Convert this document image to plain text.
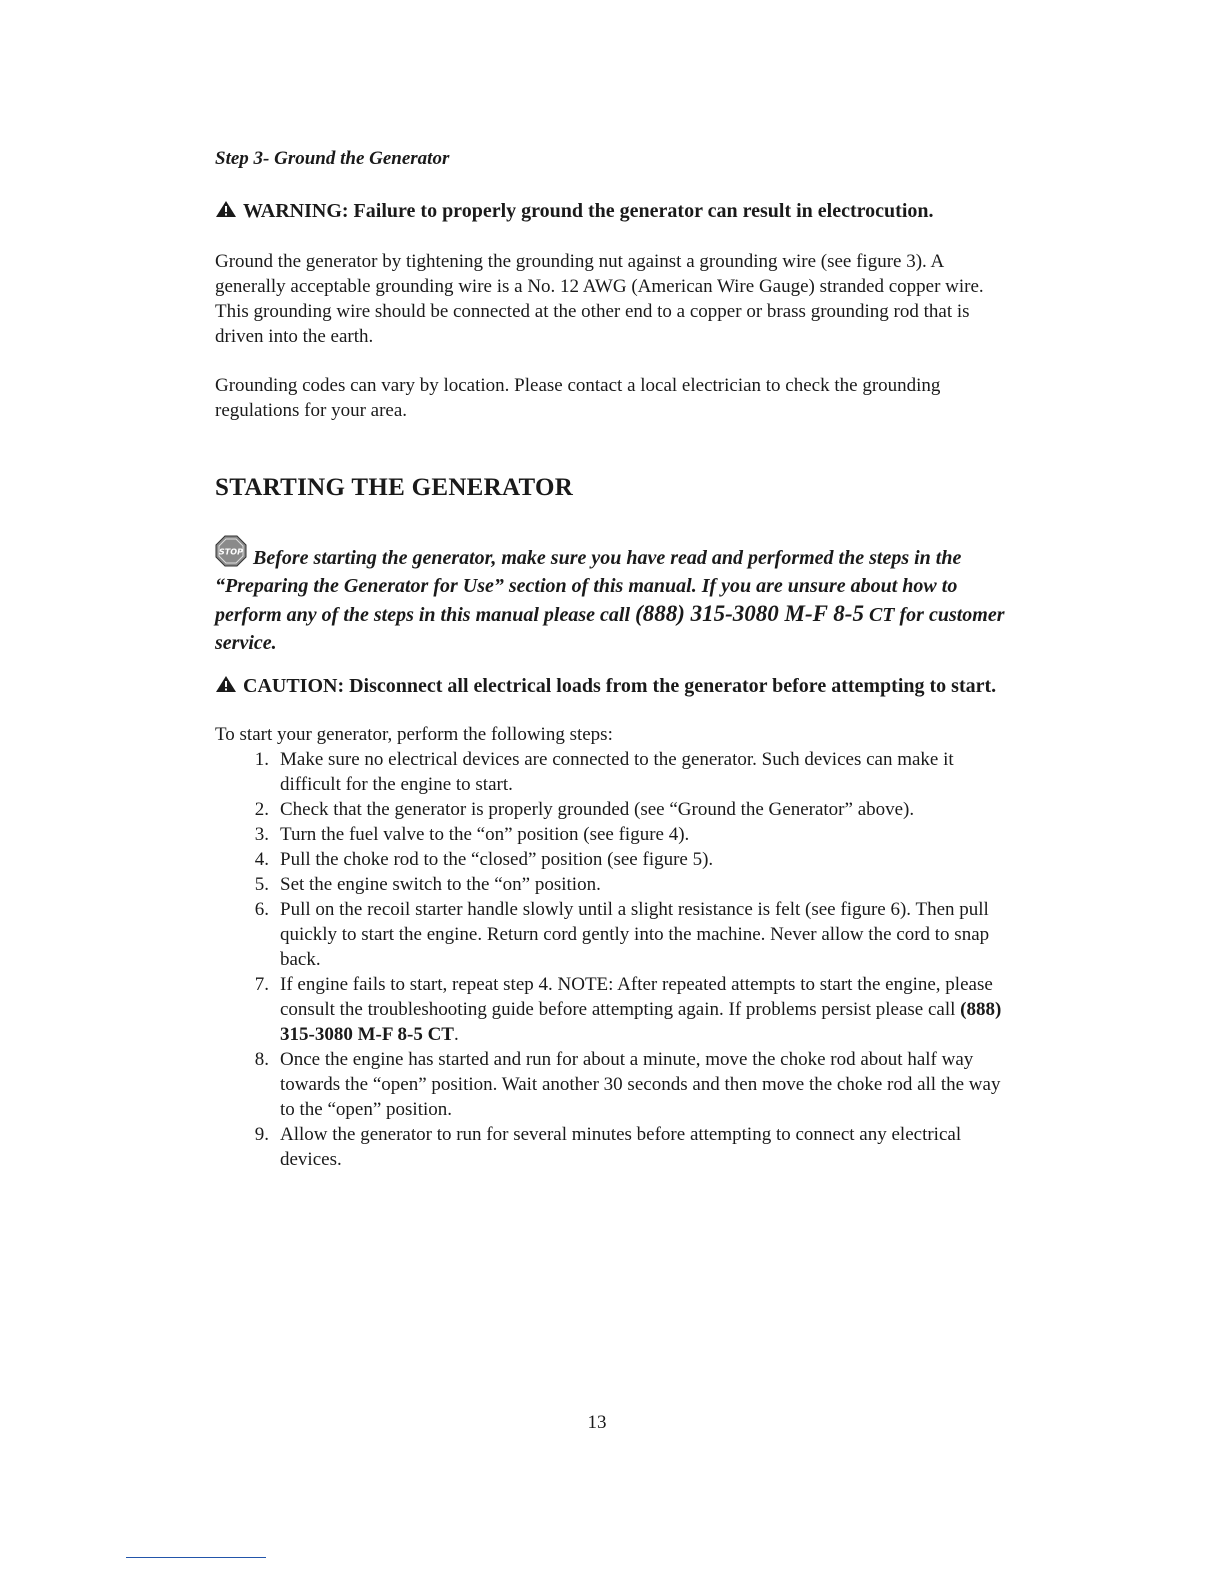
Step 3- Ground the Generator
WARNING: Failure to properly ground the generator can result in electrocution.

Ground the generator by tightening the grounding nut against a grounding wire (see figure 3). A generally acceptable grounding wire is a No. 12 AWG (American Wire Gauge) stranded copper wire. This grounding wire should be connected at the other end to a copper or brass grounding rod that is driven into the earth.

Grounding codes can vary by location. Please contact a local electrician to check the grounding regulations for your area.

STARTING THE GENERATOR

STOP Before starting the generator, make sure you have read and performed the steps in the “Preparing the Generator for Use” section of this manual. If you are unsure about how to perform any of the steps in this manual please call (888) 315-3080 M-F 8-5 CT for customer service.

CAUTION: Disconnect all electrical loads from the generator before attempting to start.

To start your generator, perform the following steps:
1. Make sure no electrical devices are connected to the generator. Such devices can make it difficult for the engine to start.
2. Check that the generator is properly grounded (see “Ground the Generator” above).
3. Turn the fuel valve to the “on” position (see figure 4).
4. Pull the choke rod to the “closed” position (see figure 5).
5. Set the engine switch to the “on” position.
6. Pull on the recoil starter handle slowly until a slight resistance is felt (see figure 6). Then pull quickly to start the engine. Return cord gently into the machine. Never allow the cord to snap back.
7. If engine fails to start, repeat step 4. NOTE: After repeated attempts to start the engine, please consult the troubleshooting guide before attempting again. If problems persist please call (888) 315-3080 M-F 8-5 CT.
8. Once the engine has started and run for about a minute, move the choke rod about half way towards the “open” position. Wait another 30 seconds and then move the choke rod all the way to the “open” position.
9. Allow the generator to run for several minutes before attempting to connect any electrical devices.
13
